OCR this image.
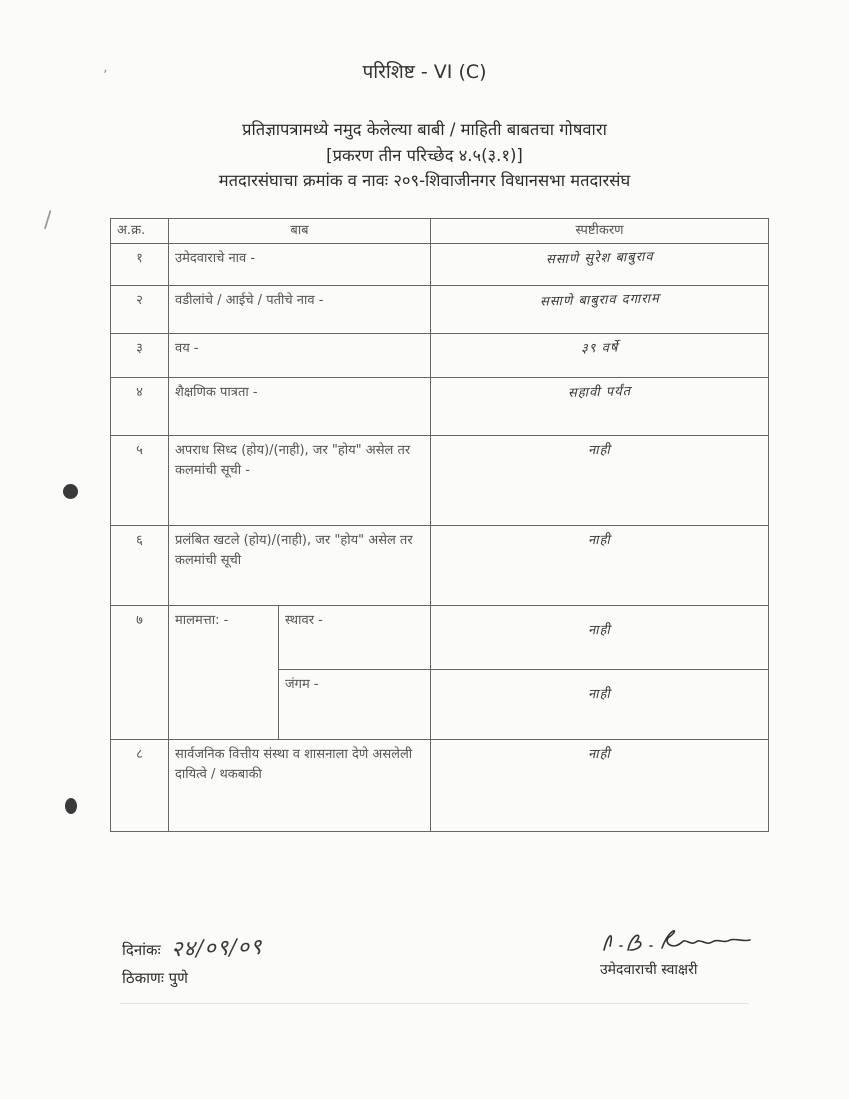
٬
/
परिशिष्ट - VI (C)
प्रतिज्ञापत्रामध्ये नमुद केलेल्या बाबी / माहिती बाबतचा गोषवारा
[प्रकरण तीन परिच्छेद ४.५(३.१)]
मतदारसंघाचा क्रमांक व नावः २०९-शिवाजीनगर विधानसभा मतदारसंघ
अ.क्र.	बाब		स्पष्टीकरण
१	उमेदवाराचे नाव -		ससाणे सुरेश बाबुराव
२	वडीलांचे / आईचे / पतीचे नाव -		ससाणे बाबुराव दगाराम
३	वय -		३९ वर्षे
४	शैक्षणिक पात्रता -		सहावी पर्यंत
५	अपराध सिध्द (होय)/(नाही), जर "होय" असेल तर कलमांची सूची -		नाही
६	प्रलंबित खटले (होय)/(नाही), जर "होय" असेल तर कलमांची सूची		नाही
७	मालमत्ता: -	स्थावर -	नाही
		जंगम -	नाही
८	सार्वजनिक वित्तीय संस्था व शासनाला देणे असलेली दायित्वे / थकबाकी		नाही
दिनांकः २४/०९/०९
ठिकाणः पुणे	उमेदवाराची स्वाक्षरी
